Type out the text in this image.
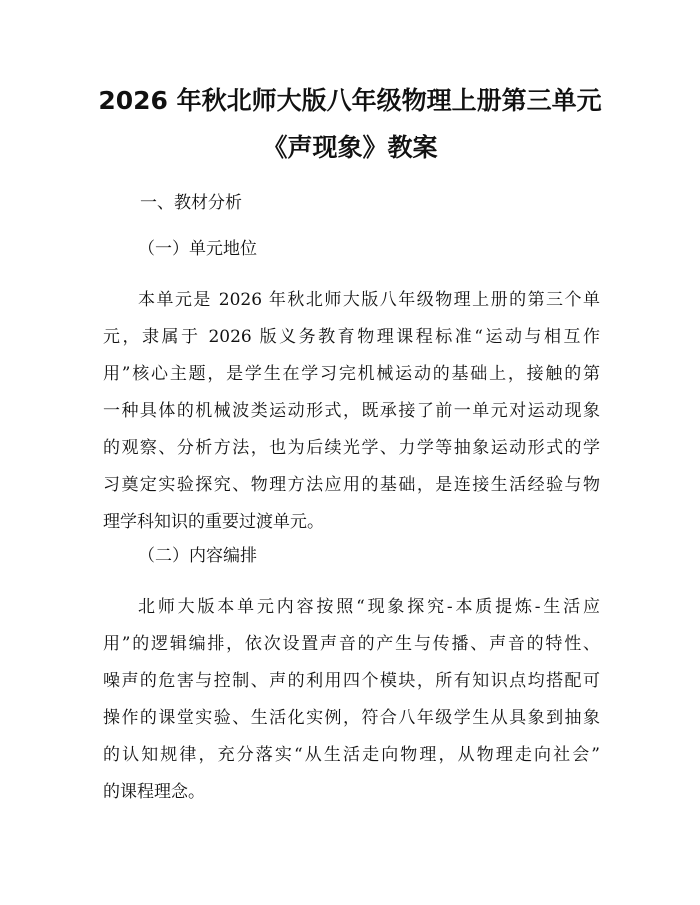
2026 年秋北师大版八年级物理上册第三单元
《声现象》教案
一、教材分析
（一）单元地位
本单元是 2026 年秋北师大版八年级物理上册的第三个单
元，隶属于 2026 版义务教育物理课程标准“运动与相互作
用”核心主题，是学生在学习完机械运动的基础上，接触的第
一种具体的机械波类运动形式，既承接了前一单元对运动现象
的观察、分析方法，也为后续光学、力学等抽象运动形式的学
习奠定实验探究、物理方法应用的基础，是连接生活经验与物
理学科知识的重要过渡单元。
（二）内容编排
北师大版本单元内容按照“现象探究-本质提炼-生活应
用”的逻辑编排，依次设置声音的产生与传播、声音的特性、
噪声的危害与控制、声的利用四个模块，所有知识点均搭配可
操作的课堂实验、生活化实例，符合八年级学生从具象到抽象
的认知规律，充分落实“从生活走向物理，从物理走向社会”
的课程理念。
